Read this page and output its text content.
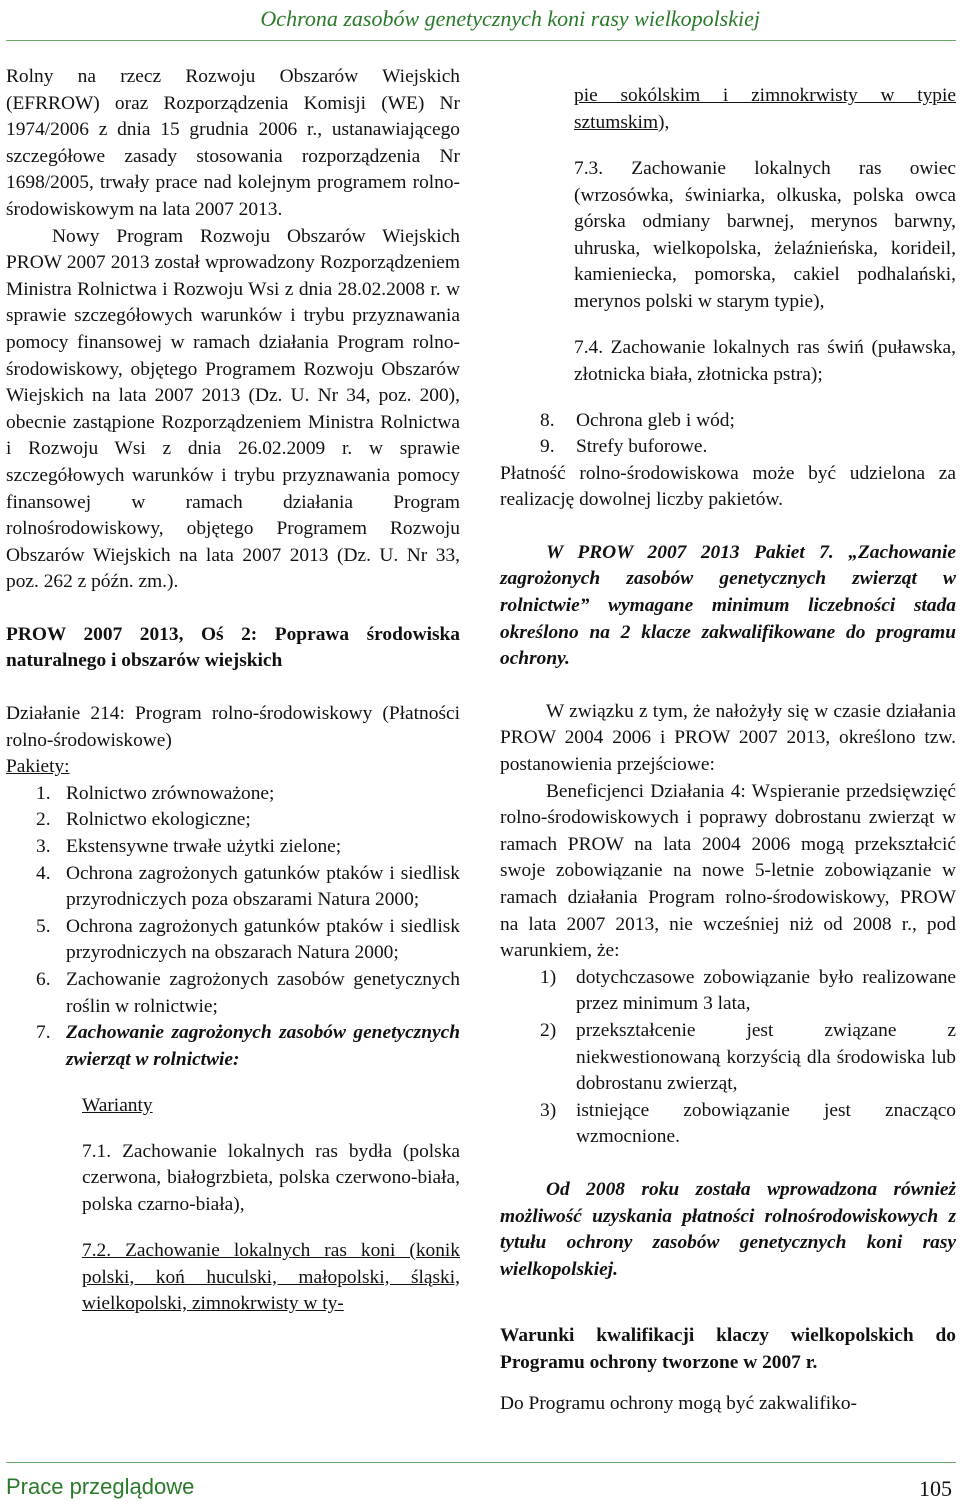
Ochrona zasobów genetycznych koni rasy wielkopolskiej

Rolny na rzecz Rozwoju Obszarów Wiejskich (EFRROW) oraz Rozporządzenia Komisji (WE) Nr 1974/2006 z dnia 15 grudnia 2006 r., ustanawiającego szczegółowe zasady stosowania rozporządzenia Nr 1698/2005, trwały prace nad kolejnym programem rolno-środowiskowym na lata 2007 2013.

Nowy Program Rozwoju Obszarów Wiejskich PROW 2007 2013 został wprowadzony Rozporządzeniem Ministra Rolnictwa i Rozwoju Wsi z dnia 28.02.2008 r. w sprawie szczegółowych warunków i trybu przyznawania pomocy finansowej w ramach działania Program rolno-środowiskowy, objętego Programem Rozwoju Obszarów Wiejskich na lata 2007 2013 (Dz. U. Nr 34, poz. 200), obecnie zastąpione Rozporządzeniem Ministra Rolnictwa i Rozwoju Wsi z dnia 26.02.2009 r. w sprawie szczegółowych warunków i trybu przyznawania pomocy finansowej w ramach działania Program rolnośrodowiskowy, objętego Programem Rozwoju Obszarów Wiejskich na lata 2007 2013 (Dz. U. Nr 33, poz. 262 z późn. zm.).

PROW 2007 2013, Oś 2: Poprawa środowiska naturalnego i obszarów wiejskich

Działanie 214: Program rolno-środowiskowy (Płatności rolno-środowiskowe)

Pakiety:

1. Rolnictwo zrównoważone;
2. Rolnictwo ekologiczne;
3. Ekstensywne trwałe użytki zielone;
4. Ochrona zagrożonych gatunków ptaków i siedlisk przyrodniczych poza obszarami Natura 2000;
5. Ochrona zagrożonych gatunków ptaków i siedlisk przyrodniczych na obszarach Natura 2000;
6. Zachowanie zagrożonych zasobów genetycznych roślin w rolnictwie;
7. Zachowanie zagrożonych zasobów genetycznych zwierząt w rolnictwie:

Warianty

7.1. Zachowanie lokalnych ras bydła (polska czerwona, białogrzbieta, polska czerwono-biała, polska czarno-biała),

7.2. Zachowanie lokalnych ras koni (konik polski, koń huculski, małopolski, śląski, wielkopolski, zimnokrwisty w ty-

pie sokólskim i zimnokrwisty w typie sztumskim),

7.3. Zachowanie lokalnych ras owiec (wrzosówka, świniarka, olkuska, polska owca górska odmiany barwnej, merynos barwny, uhruska, wielkopolska, żelaźnieńska, korideil, kamieniecka, pomorska, cakiel podhalański, merynos polski w starym typie),

7.4. Zachowanie lokalnych ras świń (puławska, złotnicka biała, złotnicka pstra);

8.	Ochrona gleb i wód;
9.	Strefy buforowe.

Płatność rolno-środowiskowa może być udzielona za realizację dowolnej liczby pakietów.

W PROW 2007 2013 Pakiet 7. „Zachowanie zagrożonych zasobów genetycznych zwierząt w rolnictwie” wymagane minimum liczebności stada określono na 2 klacze zakwalifikowane do programu ochrony.

W związku z tym, że nałożyły się w czasie działania PROW 2004 2006 i PROW 2007 2013, określono tzw. postanowienia przejściowe:

Beneficjenci Działania 4: Wspieranie przedsięwzięć rolno-środowiskowych i poprawy dobrostanu zwierząt w ramach PROW na lata 2004 2006 mogą przekształcić swoje zobowiązanie na nowe 5-letnie zobowiązanie w ramach działania Program rolno-środowiskowy, PROW na lata 2007 2013, nie wcześniej niż od 2008 r., pod warunkiem, że:

1)	dotychczasowe zobowiązanie było realizowane przez minimum 3 lata,
2)	przekształcenie jest związane z niekwestionowaną korzyścią dla środowiska lub dobrostanu zwierząt,
3)	istniejące zobowiązanie jest znacząco wzmocnione.

Od 2008 roku została wprowadzona również możliwość uzyskania płatności rolnośrodowiskowych z tytułu ochrony zasobów genetycznych koni rasy wielkopolskiej.

Warunki kwalifikacji klaczy wielkopolskich do Programu ochrony tworzone w 2007 r.

Do Programu ochrony mogą być zakwalifiko-

Prace przeglądowe	105
